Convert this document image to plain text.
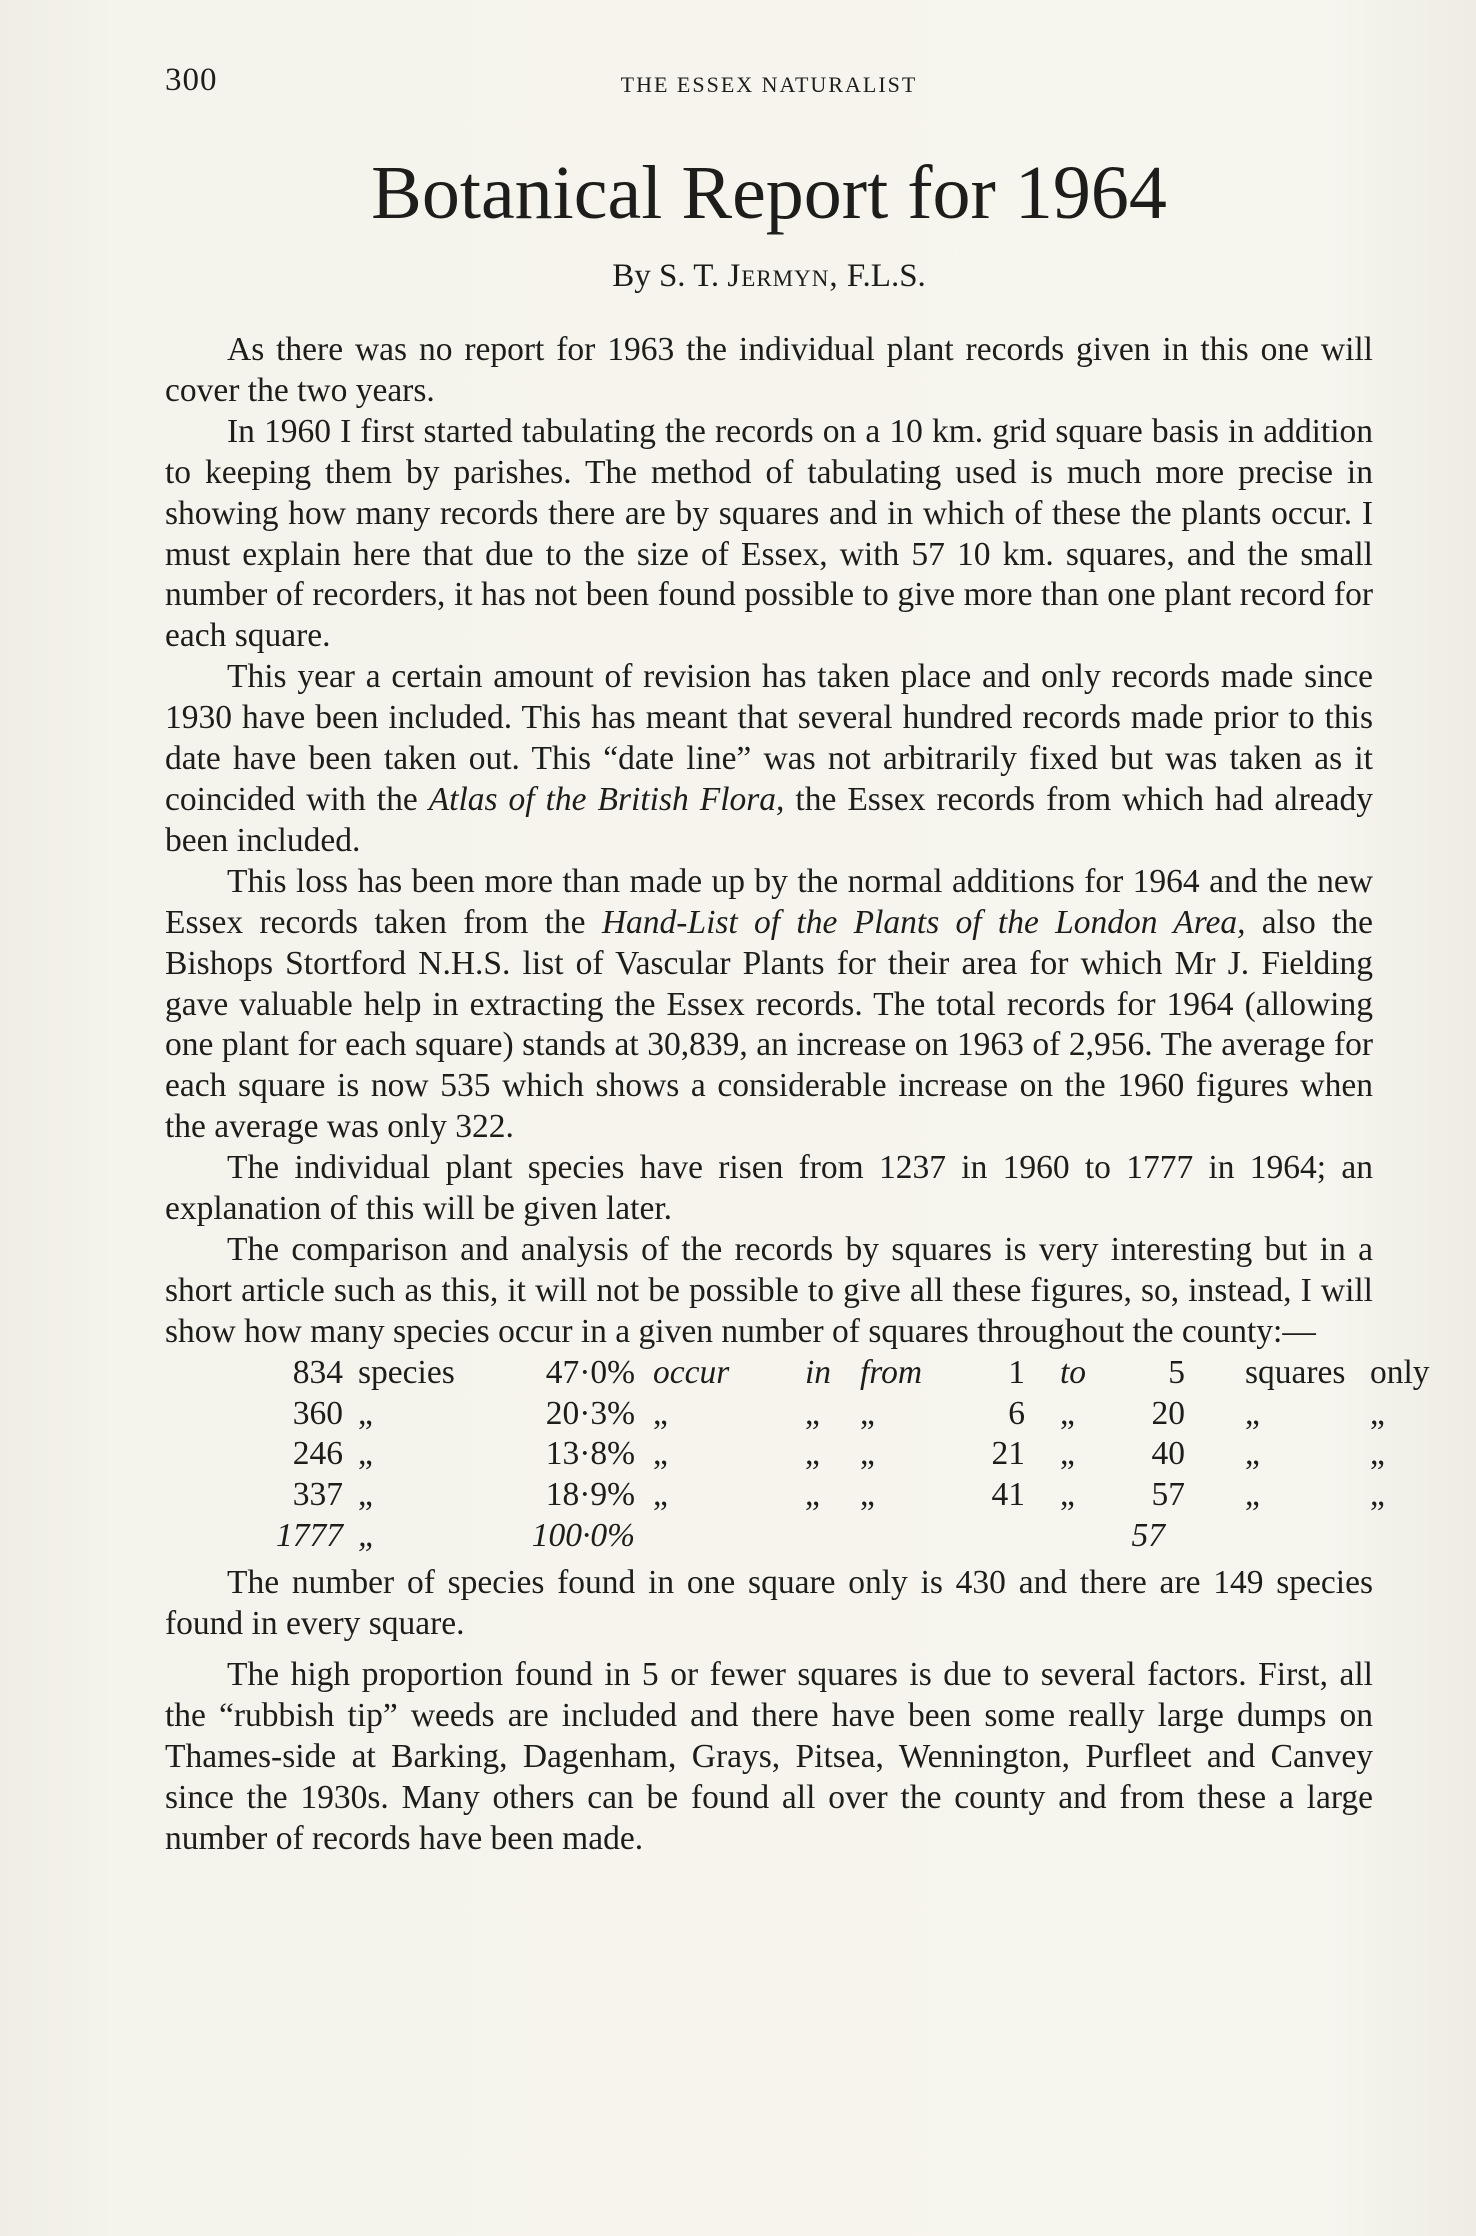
300	THE ESSEX NATURALIST
Botanical Report for 1964
By S. T. Jermyn, F.L.S.

As there was no report for 1963 the individual plant records given in this one will cover the two years.

In 1960 I first started tabulating the records on a 10 km. grid square basis in addition to keeping them by parishes. The method of tabulating used is much more precise in showing how many records there are by squares and in which of these the plants occur. I must explain here that due to the size of Essex, with 57 10 km. squares, and the small number of recorders, it has not been found possible to give more than one plant record for each square.

This year a certain amount of revision has taken place and only records made since 1930 have been included. This has meant that several hundred records made prior to this date have been taken out. This “date line” was not arbitrarily fixed but was taken as it coincided with the Atlas of the British Flora, the Essex records from which had already been included.

This loss has been more than made up by the normal additions for 1964 and the new Essex records taken from the Hand-List of the Plants of the London Area, also the Bishops Stortford N.H.S. list of Vascular Plants for their area for which Mr J. Fielding gave valuable help in extracting the Essex records. The total records for 1964 (allowing one plant for each square) stands at 30,839, an increase on 1963 of 2,956. The average for each square is now 535 which shows a considerable increase on the 1960 figures when the average was only 322.

The individual plant species have risen from 1237 in 1960 to 1777 in 1964; an explanation of this will be given later.

The comparison and analysis of the records by squares is very interesting but in a short article such as this, it will not be possible to give all these figures, so, instead, I will show how many species occur in a given number of squares throughout the county:—

834 species	47·0% occur in from	1 to	5 squares only
360 „	20·3% „	„ „	6 „	20 „	„
246 „	13·8% „	„ „	21 „	40 „	„
337 „	18·9% „	„ „	41 „	57 „	„
1777 „	100·0%	57

The number of species found in one square only is 430 and there are 149 species found in every square.

The high proportion found in 5 or fewer squares is due to several factors. First, all the “rubbish tip” weeds are included and there have been some really large dumps on Thames-side at Barking, Dagenham, Grays, Pitsea, Wennington, Purfleet and Canvey since the 1930s. Many others can be found all over the county and from these a large number of records have been made.
